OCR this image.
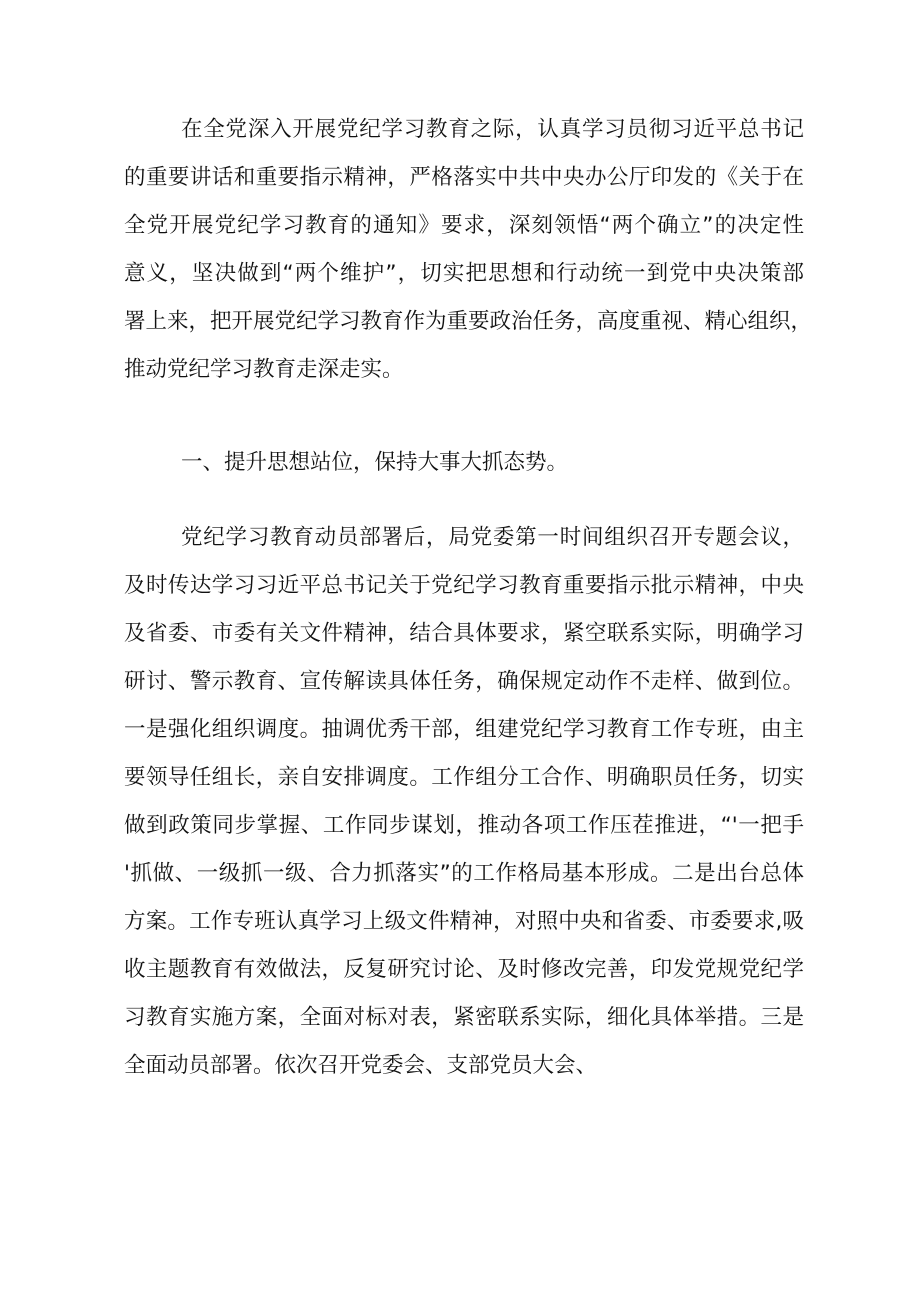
在全党深入开展党纪学习教育之际，认真学习员彻习近平总书记
的重要讲话和重要指示精神，严格落实中共中央办公厅印发的《关于在
全党开展党纪学习教育的通知》要求，深刻领悟“两个确立”的决定性
意义，坚决做到“两个维护”，切实把思想和行动统一到党中央决策部
署上来，把开展党纪学习教育作为重要政治任务，高度重视、精心组织，
推动党纪学习教育走深走实。
一、提升思想站位，保持大事大抓态势。
党纪学习教育动员部署后，局党委第一时间组织召开专题会议，
及时传达学习习近平总书记关于党纪学习教育重要指示批示精神，中央
及省委、市委有关文件精神，结合具体要求，紧空联系实际，明确学习
研讨、警示教育、宣传解读具体任务，确保规定动作不走样、做到位。
一是强化组织调度。抽调优秀干部，组建党纪学习教育工作专班，由主
要领导任组长，亲自安排调度。工作组分工合作、明确职员任务，切实
做到政策同步掌握、工作同步谋划，推动各项工作压茬推进，“'一把手
'抓做、一级抓一级、合力抓落实”的工作格局基本形成。二是出台总体
方案。工作专班认真学习上级文件精神，对照中央和省委、市委要求,吸
收主题教育有效做法，反复研究讨论、及时修改完善，印发党规党纪学
习教育实施方案，全面对标对表，紧密联系实际，细化具体举措。三是
全面动员部署。依次召开党委会、支部党员大会、
